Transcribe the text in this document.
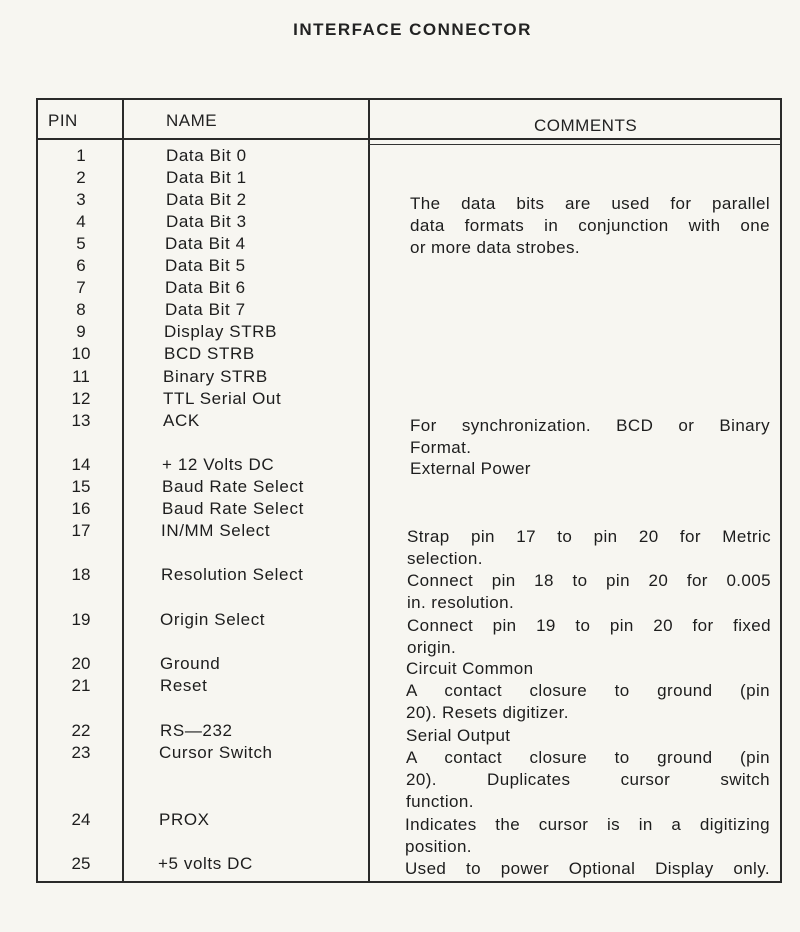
INTERFACE CONNECTOR
PIN	NAME	COMMENTS
1
2
3
4
5
6
7
8
9
10
11
12
13
14
15
16
17
18
19
20
21
22
23
24
25
Data Bit 0
Data Bit 1
Data Bit 2
Data Bit 3
Data Bit 4
Data Bit 5
Data Bit 6
Data Bit 7
Display STRB
BCD STRB
Binary STRB
TTL Serial Out
ACK
+ 12 Volts DC
Baud Rate Select
Baud Rate Select
IN/MM Select
Resolution Select
Origin Select
Ground
Reset
RS—232
Cursor Switch
PROX
+5 volts DC
The data bits are used for parallel
data formats in conjunction with one
or more data strobes.
For synchronization. BCD or Binary
Format.
External Power
Strap pin 17 to pin 20 for Metric
selection.
Connect pin 18 to pin 20 for 0.005
in. resolution.
Connect pin 19 to pin 20 for fixed
origin.
Circuit Common
A contact closure to ground (pin
20). Resets digitizer.
Serial Output
A contact closure to ground (pin
20). Duplicates cursor switch
function.
Indicates the cursor is in a digitizing
position.
Used to power Optional Display only.
